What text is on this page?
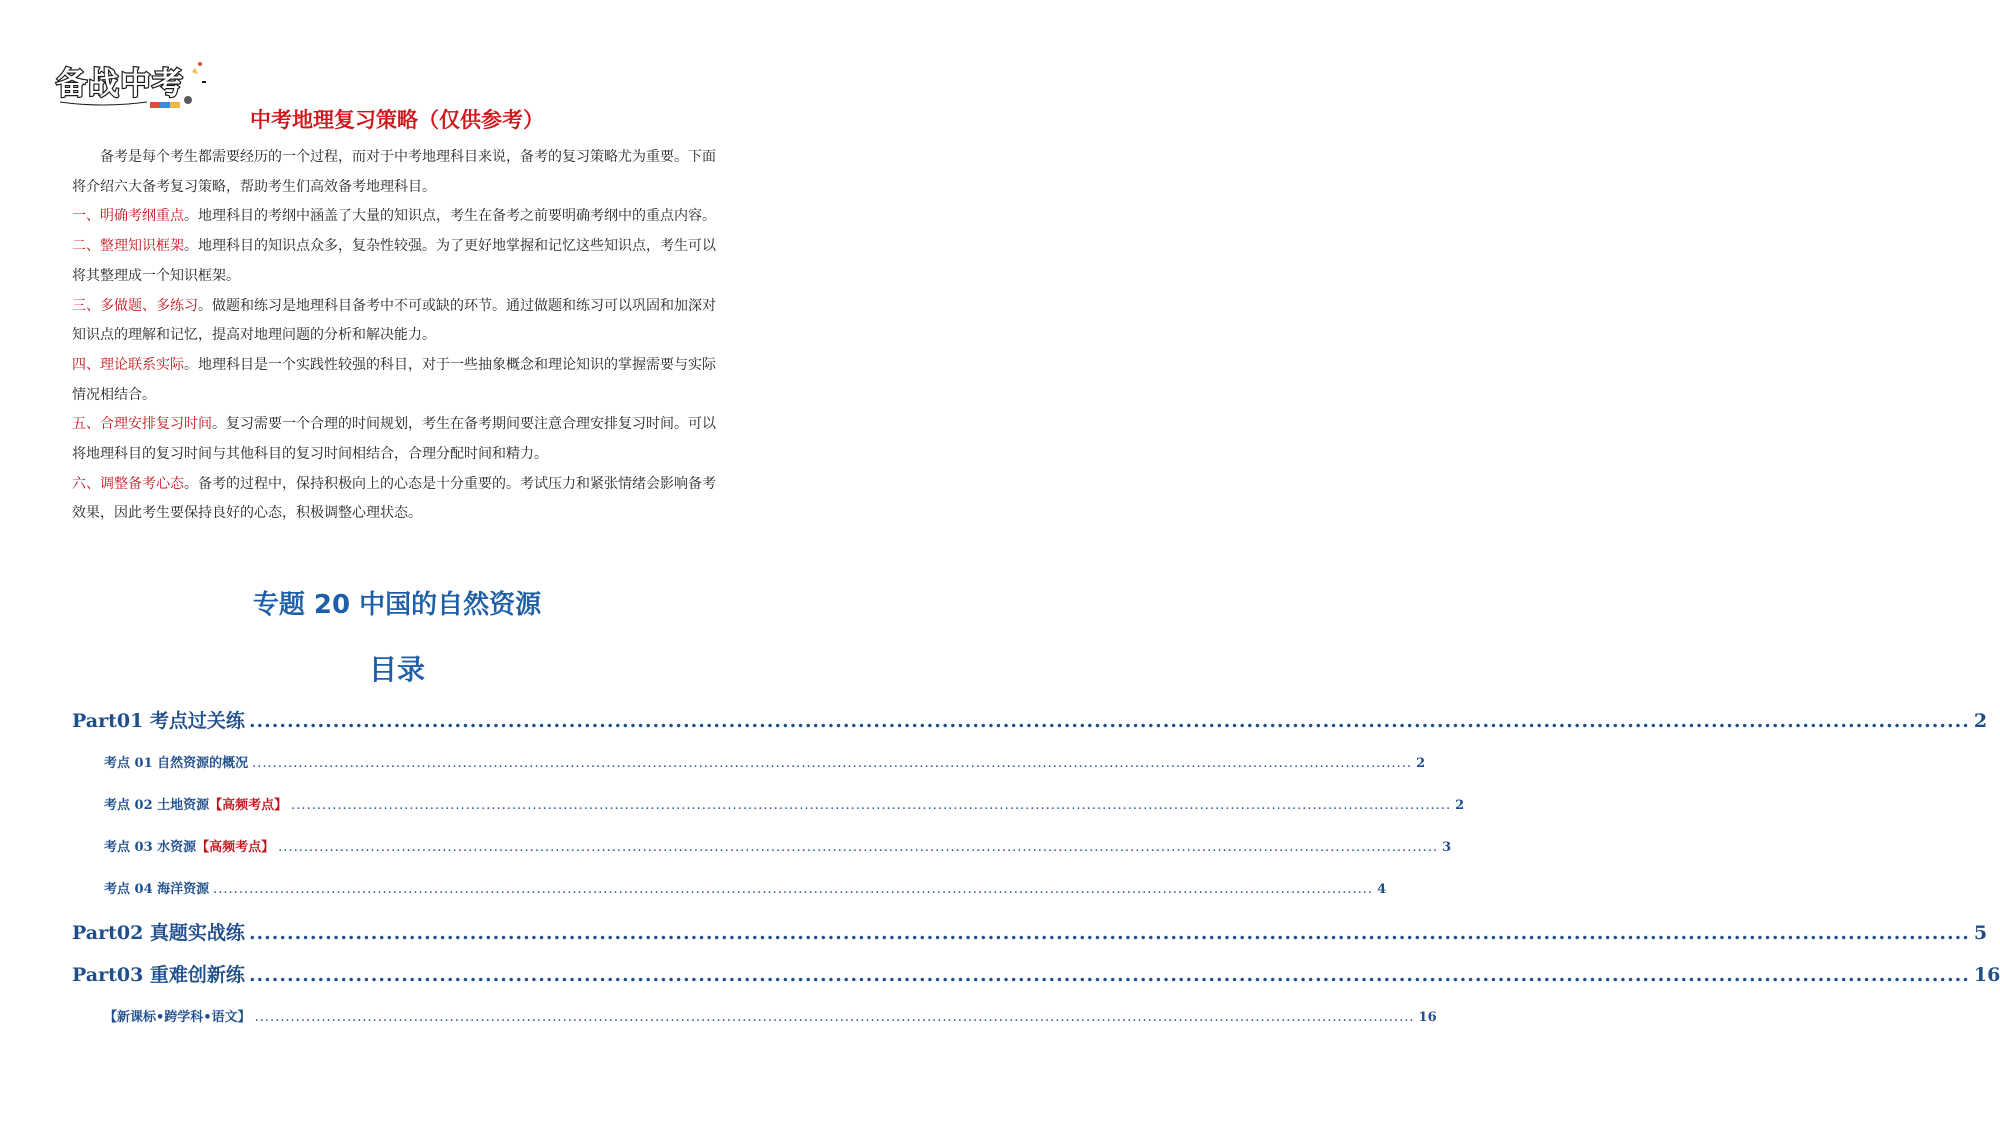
备战中考
中考地理复习策略（仅供参考）

备考是每个考生都需要经历的一个过程，而对于中考地理科目来说，备考的复习策略尤为重要。下面将介绍六大备考复习策略，帮助考生们高效备考地理科目。

一、明确考纲重点。地理科目的考纲中涵盖了大量的知识点，考生在备考之前要明确考纲中的重点内容。

二、整理知识框架。地理科目的知识点众多，复杂性较强。为了更好地掌握和记忆这些知识点，考生可以将其整理成一个知识框架。

三、多做题、多练习。做题和练习是地理科目备考中不可或缺的环节。通过做题和练习可以巩固和加深对知识点的理解和记忆，提高对地理问题的分析和解决能力。

四、理论联系实际。地理科目是一个实践性较强的科目，对于一些抽象概念和理论知识的掌握需要与实际情况相结合。

五、合理安排复习时间。复习需要一个合理的时间规划，考生在备考期间要注意合理安排复习时间。可以将地理科目的复习时间与其他科目的复习时间相结合，合理分配时间和精力。

六、调整备考心态。备考的过程中，保持积极向上的心态是十分重要的。考试压力和紧张情绪会影响备考效果，因此考生要保持良好的心态，积极调整心理状态。

专题 20 中国的自然资源
目录
Part01 考点过关练 .................................................................................................................................................................................................................................. 2
考点 01 自然资源的概况 .................................................................................................................................................................................................................................. 2
考点 02 土地资源 【高频考点】 .................................................................................................................................................................................................................................. 2
考点 03 水资源 【高频考点】 .................................................................................................................................................................................................................................. 3
考点 04 海洋资源 .................................................................................................................................................................................................................................. 4
Part02 真题实战练 .................................................................................................................................................................................................................................. 5
Part03 重难创新练 .................................................................................................................................................................................................................................. 16
【新课标•跨学科•语文】 .................................................................................................................................................................................................................................. 16
